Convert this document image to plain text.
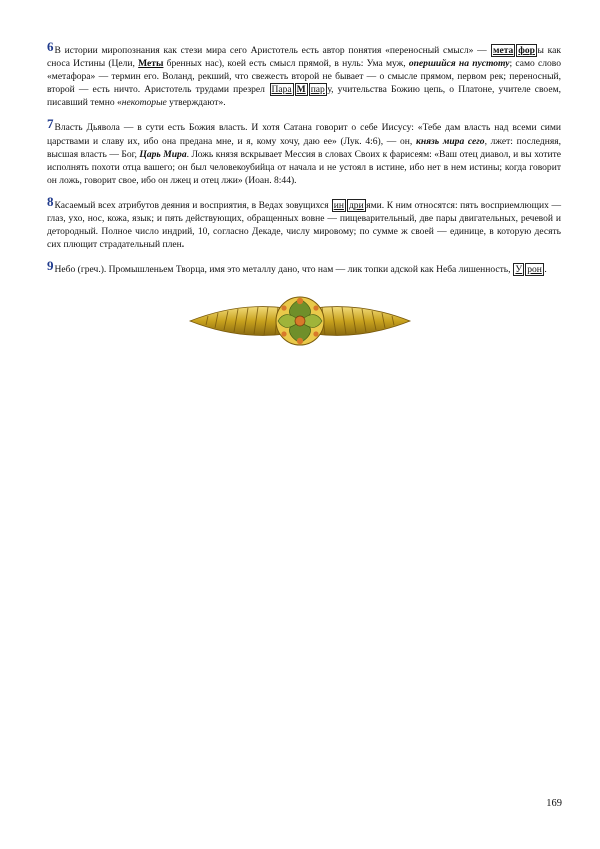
6В истории миропознания как стези мира сего Аристотель есть автор понятия «переносный смысл» — мета фор ы как сноса Истины (Цели, Меты бренных нас), коей есть смысл прямой, в нуль: Ума муж, опершийся на пустоту; само слово «метафора» — термин его. Воланд, рекший, что свежесть второй не бывает — о смысле прямом, первом рек; переносный, второй — есть ничто. Аристотель трудами презрел Пара М пар у, учительства Божию цепь, о Платоне, учителе своем, писавший темно «некоторые утверждают».

7Власть Дьявола — в сути есть Божия власть. И хотя Сатана говорит о себе Иисусу: «Тебе дам власть над всеми сими царствами и славу их, ибо она предана мне, и я, кому хочу, даю ее» (Лук. 4:6), — он, князь мира сего, лжет: последняя, высшая власть — Бог, Царь Мира. Ложь князя вскрывает Мессия в словах Своих к фарисеям: «Ваш отец диавол, и вы хотите исполнять похоти отца вашего; он был человекоубийца от начала и не устоял в истине, ибо нет в нем истины; когда говорит он ложь, говорит свое, ибо он лжец и отец лжи» (Иоан. 8:44).

8Касаемый всех атрибутов деяния и восприятия, в Ведах зовущихся ин дри ями. К ним относятся: пять восприемлющих — глаз, ухо, нос, кожа, язык; и пять действующих, обращенных вовне — пищеварительный, две пары двигательных, речевой и детородный. Полное число индрий, 10, согласно Декаде, числу мировому; по сумме ж своей — единице, в которую десять сих плющит страдательный плен.

9Небо (греч.). Промышленьем Творца, имя это металлу дано, что нам — лик топки адской как Неба лишенность, У рон .

169
